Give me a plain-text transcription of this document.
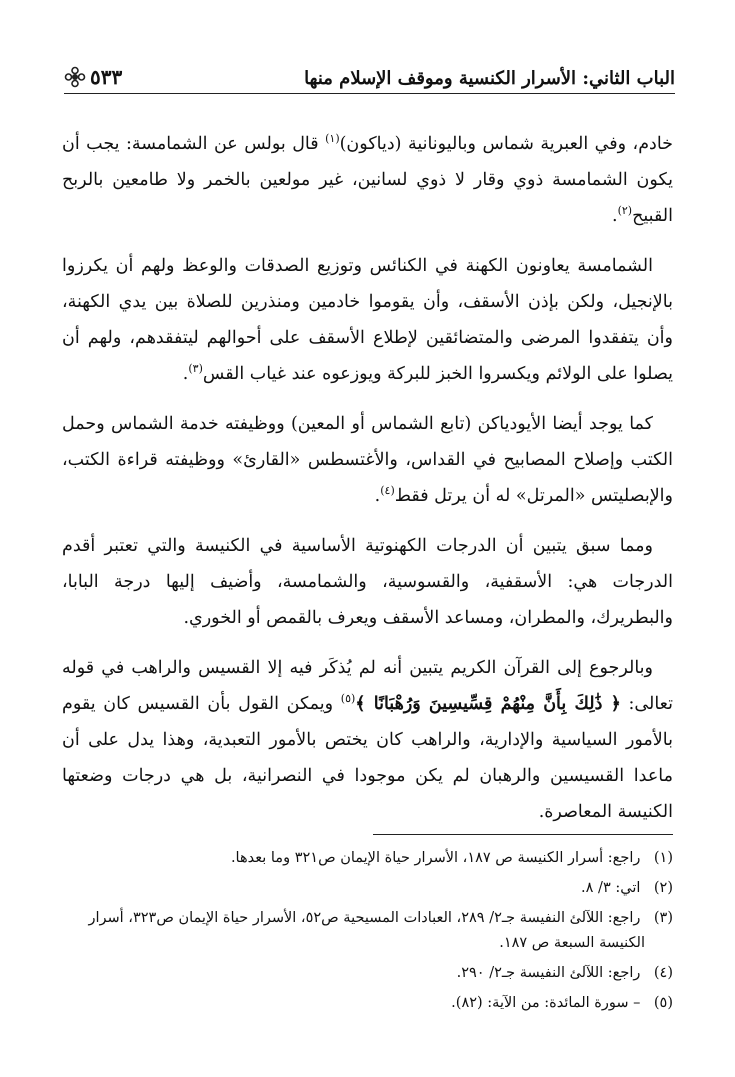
الباب الثاني: الأسرار الكنسية وموقف الإسلام منها
٥٣٣

خادم، وفي العبرية شماس وباليونانية (دياكون)$^{(١)}$ قال بولس عن الشمامسة: يجب أن يكون الشمامسة ذوي وقار لا ذوي لسانين، غير مولعين بالخمر ولا طامعين بالربح القبيح$^{(٢)}$.

الشمامسة يعاونون الكهنة في الكنائس وتوزيع الصدقات والوعظ ولهم أن يكرزوا بالإنجيل، ولكن بإذن الأسقف، وأن يقوموا خادمين ومنذرين للصلاة بين يدي الكهنة، وأن يتفقدوا المرضى والمتضائقين لإطلاع الأسقف على أحوالهم ليتفقدهم، ولهم أن يصلوا على الولائم ويكسروا الخبز للبركة ويوزعوه عند غياب القس$^{(٣)}$.

كما يوجد أيضا الأيودياكن (تابع الشماس أو المعين) ووظيفته خدمة الشماس وحمل الكتب وإصلاح المصابيح في القداس، والأغتسطس «القارئ» ووظيفته قراءة الكتب، والإبصليتس «المرتل» له أن يرتل فقط$^{(٤)}$.

ومما سبق يتبين أن الدرجات الكهنوتية الأساسية في الكنيسة والتي تعتبر أقدم الدرجات هي: الأسقفية، والقسوسية، والشمامسة، وأضيف إليها درجة البابا، والبطريرك، والمطران، ومساعد الأسقف ويعرف بالقمص أو الخوري.

وبالرجوع إلى القرآن الكريم يتبين أنه لم يُذكَر فيه إلا القسيس والراهب في قوله تعالى: ﴿ ذَٰلِكَ بِأَنَّ مِنْهُمْ قِسِّيسِينَ وَرُهْبَانًا ﴾$^{(٥)}$ ويمكن القول بأن القسيس كان يقوم بالأمور السياسية والإدارية، والراهب كان يختص بالأمور التعبدية، وهذا يدل على أن ماعدا القسيسين والرهبان لم يكن موجودا في النصرانية، بل هي درجات وضعتها الكنيسة المعاصرة.

(١) راجع: أسرار الكنيسة ص ١٨٧، الأسرار حياة الإيمان ص٣٢١ وما بعدها.
(٢) اتي: ٣/ ٨.
(٣) راجع: اللآلئ النفيسة جـ٢/ ٢٨٩، العبادات المسيحية ص٥٢، الأسرار حياة الإيمان ص٣٢٣، أسرار
الكنيسة السبعة ص ١٨٧.
(٤) راجع: اللآلئ النفيسة جـ٢/ ٢٩٠.
(٥) – سورة المائدة: من الآية: (٨٢).
